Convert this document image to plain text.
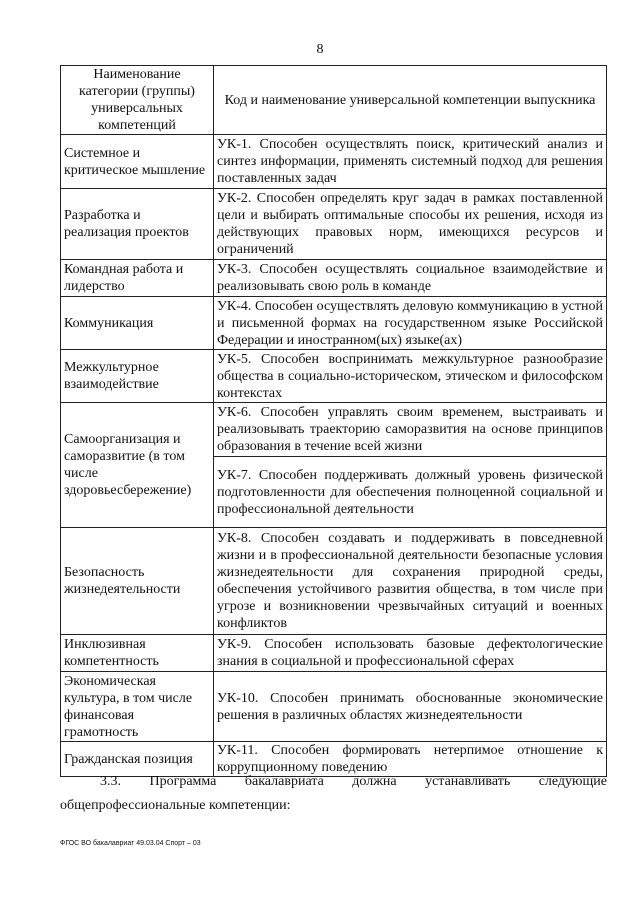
8
Наименование категории (группы) универсальных компетенций	Код и наименование универсальной компетенции выпускника
Системное и критическое мышление	УК-1. Способен осуществлять поиск, критический анализ и синтез информации, применять системный подход для решения поставленных задач
Разработка и реализация проектов	УК-2. Способен определять круг задач в рамках поставленной цели и выбирать оптимальные способы их решения, исходя из действующих правовых норм, имеющихся ресурсов и ограничений
Командная работа и лидерство	УК-3. Способен осуществлять социальное взаимодействие и реализовывать свою роль в команде
Коммуникация	УК-4. Способен осуществлять деловую коммуникацию в устной и письменной формах на государственном языке Российской Федерации и иностранном(ых) языке(ах)
Межкультурное взаимодействие	УК-5. Способен воспринимать межкультурное разнообразие общества в социально-историческом, этическом и философском контекстах
Самоорганизация и саморазвитие (в том числе здоровьесбережение)	УК-6. Способен управлять своим временем, выстраивать и реализовывать траекторию саморазвития на основе принципов образования в течение всей жизни
	УК-7. Способен поддерживать должный уровень физической подготовленности для обеспечения полноценной социальной и профессиональной деятельности
Безопасность жизнедеятельности	УК-8. Способен создавать и поддерживать в повседневной жизни и в профессиональной деятельности безопасные условия жизнедеятельности для сохранения природной среды, обеспечения устойчивого развития общества, в том числе при угрозе и возникновении чрезвычайных ситуаций и военных конфликтов
Инклюзивная компетентность	УК-9. Способен использовать базовые дефектологические знания в социальной и профессиональной сферах
Экономическая культура, в том числе финансовая грамотность	УК-10. Способен принимать обоснованные экономические решения в различных областях жизнедеятельности
Гражданская позиция	УК-11. Способен формировать нетерпимое отношение к коррупционному поведению
3.3. Программа бакалавриата должна устанавливать следующие
общепрофессиональные компетенции:
ФГОС ВО бакалавриат 49.03.04 Спорт – 03
